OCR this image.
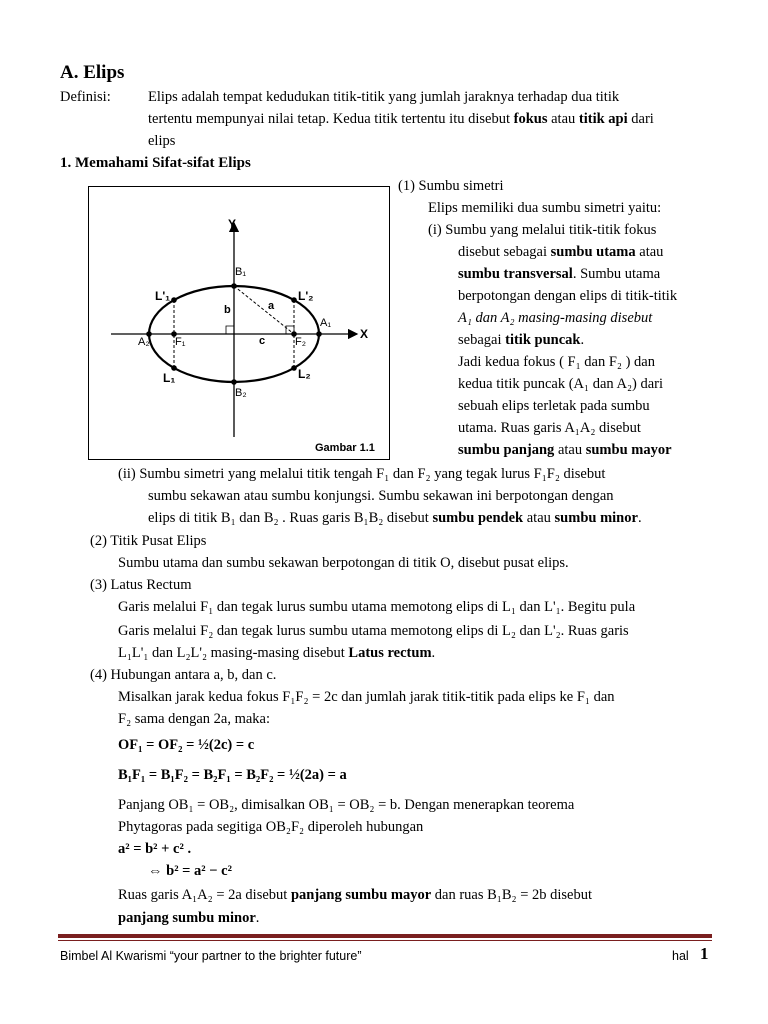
A. Elips
Definisi:	Elips adalah tempat kedudukan titik-titik yang jumlah jaraknya terhadap dua titik
tertentu mempunyai nilai tetap. Kedua titik tertentu itu disebut fokus atau titik api dari
elips
1. Memahami Sifat-sifat Elips
Y
X
B₁
B₂
A₁
A₂ F₁	F₂
L₁
L'₁
L₂
L'₂
a
b
c
Gambar 1.1
(1) Sumbu simetri
Elips memiliki dua sumbu simetri yaitu:
(i) Sumbu yang melalui titik-titik fokus
disebut sebagai sumbu utama atau
sumbu transversal. Sumbu utama
berpotongan dengan elips di titik-titik
A₁ dan A₂ masing-masing disebut
sebagai titik puncak.
Jadi kedua fokus ( F₁ dan F₂ ) dan
kedua titik puncak (A₁ dan A₂) dari
sebuah elips terletak pada sumbu
utama. Ruas garis A₁A₂ disebut
sumbu panjang atau sumbu mayor
(ii) Sumbu simetri yang melalui titik tengah F₁ dan F₂ yang tegak lurus F₁F₂ disebut
sumbu sekawan atau sumbu konjungsi. Sumbu sekawan ini berpotongan dengan
elips di titik B₁ dan B₂ . Ruas garis B₁B₂ disebut sumbu pendek atau sumbu minor.
(2) Titik Pusat Elips
Sumbu utama dan sumbu sekawan berpotongan di titik O, disebut pusat elips.
(3) Latus Rectum
Garis melalui F₁ dan tegak lurus sumbu utama memotong elips di L₁ dan L'₁. Begitu pula
Garis melalui F₂ dan tegak lurus sumbu utama memotong elips di L₂ dan L'₂. Ruas garis
L₁L'₁ dan L₂L'₂ masing-masing disebut Latus rectum.
(4) Hubungan antara a, b, dan c.
Misalkan jarak kedua fokus F₁F₂ = 2c dan jumlah jarak titik-titik pada elips ke F₁ dan
F₂ sama dengan 2a, maka:
OF₁ = OF₂ = ½(2c) = c
B₁F₁ = B₁F₂ = B₂F₁ = B₂F₂ = ½(2a) = a
Panjang OB₁ = OB₂, dimisalkan OB₁ = OB₂ = b. Dengan menerapkan teorema
Phytagoras pada segitiga OB₂F₂ diperoleh hubungan
a² = b² + c² .
⇔ b² = a² − c²
Ruas garis A₁A₂ = 2a disebut panjang sumbu mayor dan ruas B₁B₂ = 2b disebut
panjang sumbu minor.
Bimbel Al Kwarismi “your partner to the brighter future”	hal 1
